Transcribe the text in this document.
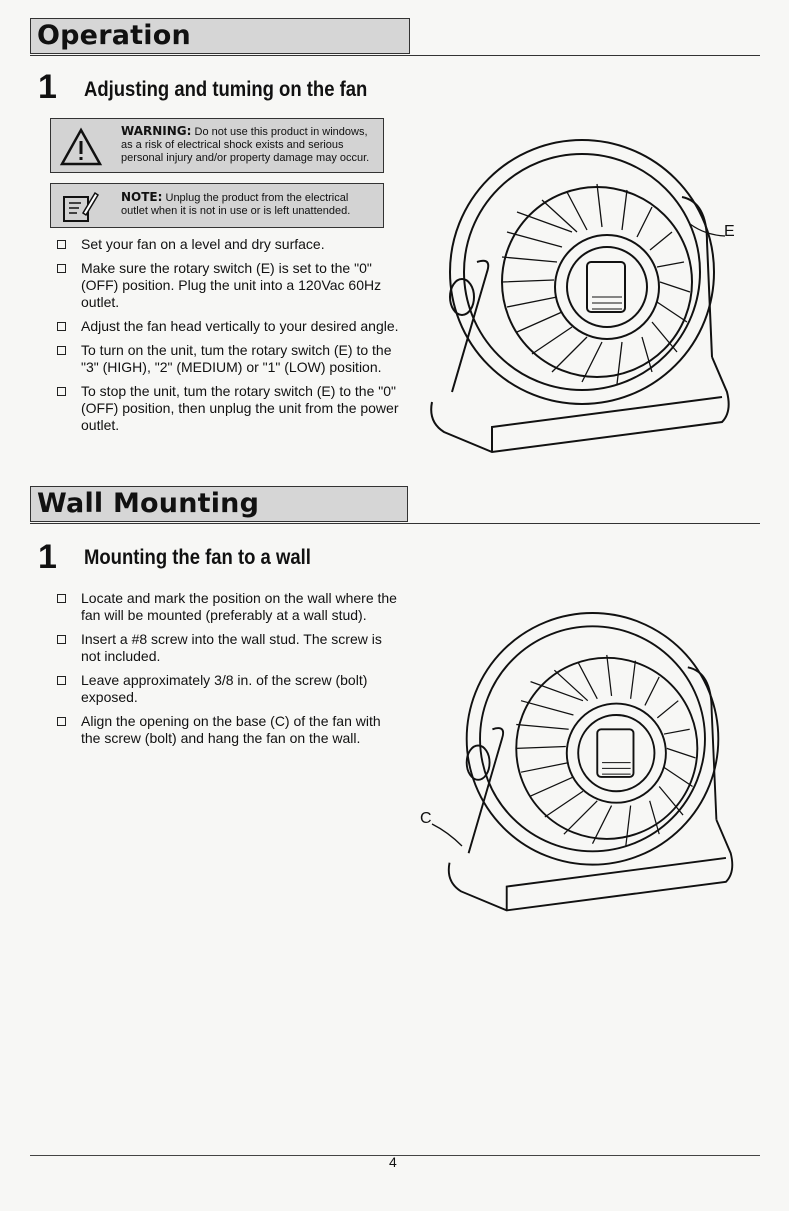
Operation
1 Adjusting and tuming on the fan
WARNING: Do not use this product in windows, as a risk of electrical shock exists and serious personal injury and/or property damage may occur.
NOTE: Unplug the product from the electrical outlet when it is not in use or is left unattended.
Set your fan on a level and dry surface.
Make sure the rotary switch (E) is set to the "0" (OFF) position. Plug the unit into a 120Vac 60Hz outlet.
Adjust the fan head vertically to your desired angle.
To turn on the unit, tum the rotary switch (E) to the "3" (HIGH), "2" (MEDIUM) or "1" (LOW) position.
To stop the unit, tum the rotary switch (E) to the "0" (OFF) position, then unplug the unit from the power outlet.
E
Wall Mounting
1 Mounting the fan to a wall
Locate and mark the position on the wall where the fan will be mounted (preferably at a wall stud).
Insert a #8 screw into the wall stud. The screw is not included.
Leave approximately 3/8 in. of the screw (bolt) exposed.
Align the opening on the base (C) of the fan with the screw (bolt) and hang the fan on the wall.
C
4
